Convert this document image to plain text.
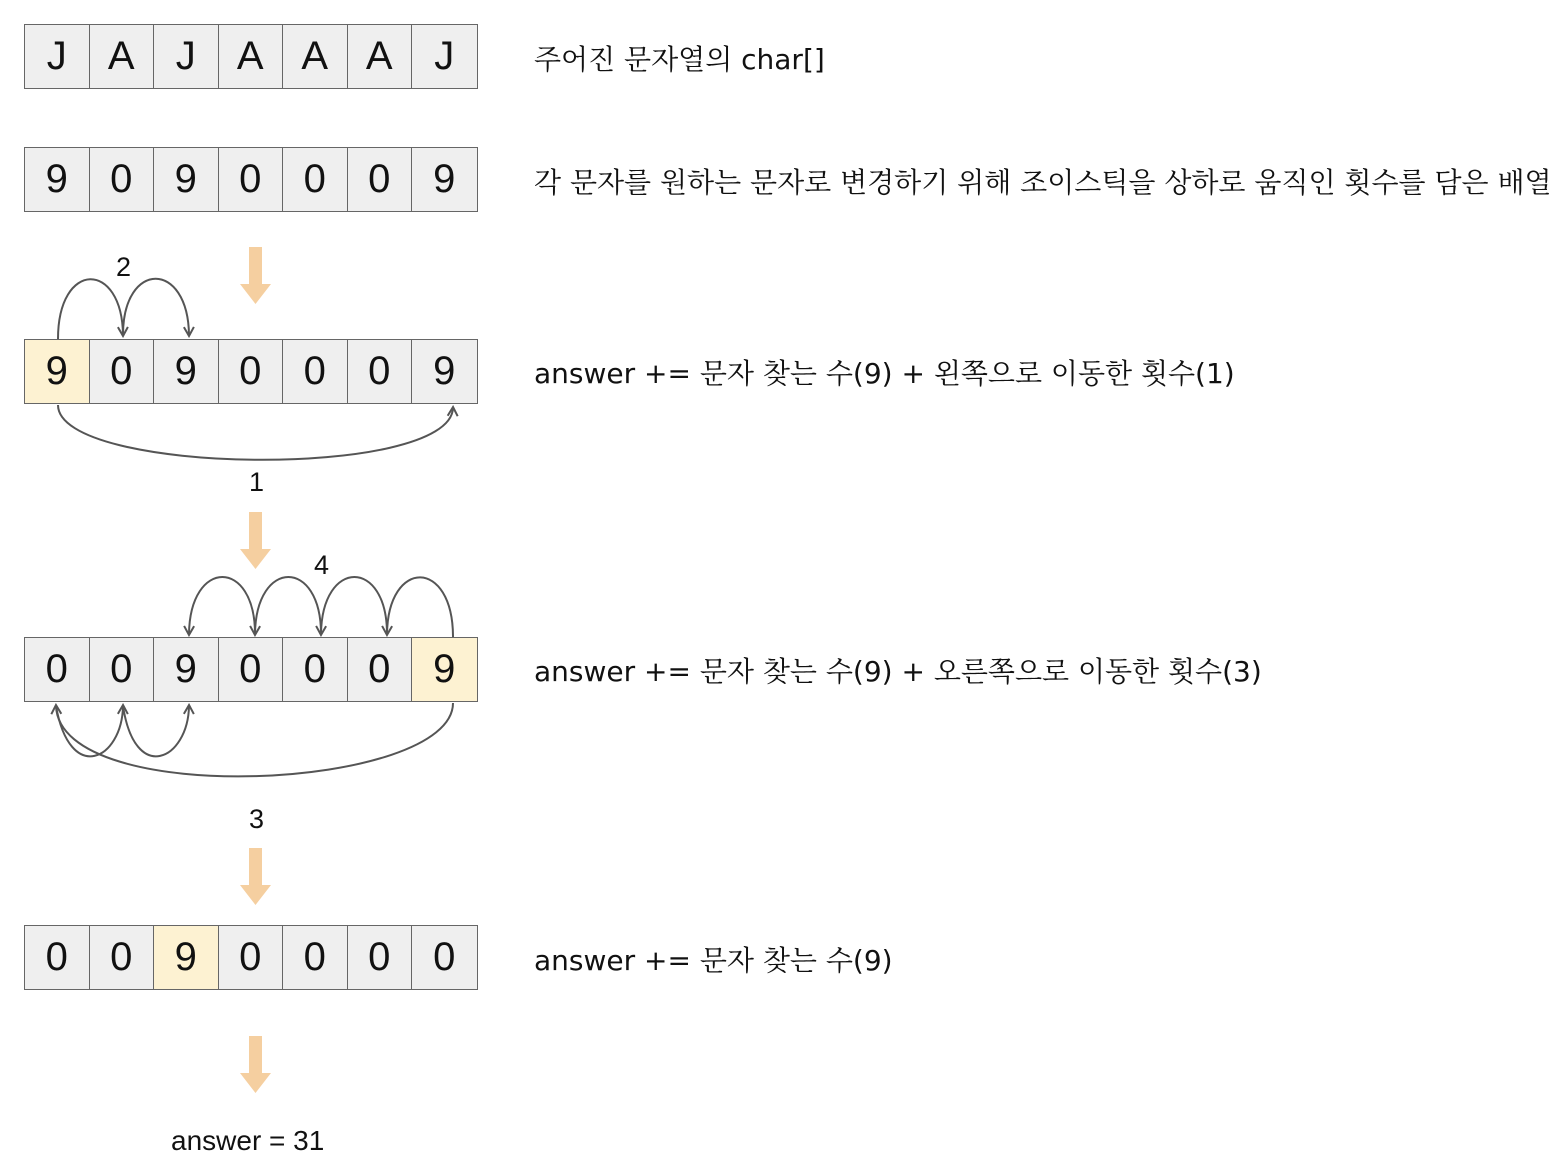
J	A	J	A A A	J	주어진 문자열의 char[]
9	0	9	0	0	0	9	각 문자를 원하는 문자로 변경하기 위해 조이스틱을 상하로 움직인 횟수를 담은 배열
9	0	9	0	0	0	9	answer += 문자 찾는 수(9) + 왼쪽으로 이동한 횟수(1)
0	0	9	0	0	0	9	answer += 문자 찾는 수(9) + 오른쪽으로 이동한 횟수(3)
0	0	9	0	0	0	0	answer += 문자 찾는 수(9)
2
1
4
3
answer = 31
